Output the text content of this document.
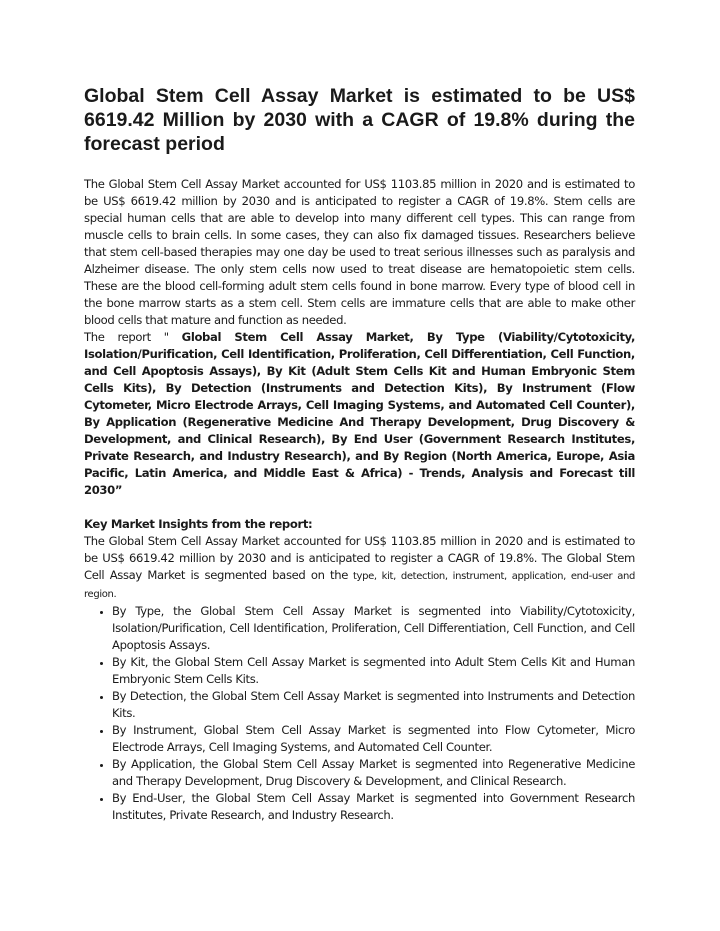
Global Stem Cell Assay Market is estimated to be US$ 6619.42 Million by 2030 with a CAGR of 19.8% during the forecast period

The Global Stem Cell Assay Market accounted for US$ 1103.85 million in 2020 and is estimated to be US$ 6619.42 million by 2030 and is anticipated to register a CAGR of 19.8%. Stem cells are special human cells that are able to develop into many different cell types. This can range from muscle cells to brain cells. In some cases, they can also fix damaged tissues. Researchers believe that stem cell-based therapies may one day be used to treat serious illnesses such as paralysis and Alzheimer disease. The only stem cells now used to treat disease are hematopoietic stem cells. These are the blood cell-forming adult stem cells found in bone marrow. Every type of blood cell in the bone marrow starts as a stem cell. Stem cells are immature cells that are able to make other blood cells that mature and function as needed.

The report " Global Stem Cell Assay Market, By Type (Viability/Cytotoxicity, Isolation/Purification, Cell Identification, Proliferation, Cell Differentiation, Cell Function, and Cell Apoptosis Assays), By Kit (Adult Stem Cells Kit and Human Embryonic Stem Cells Kits), By Detection (Instruments and Detection Kits), By Instrument (Flow Cytometer, Micro Electrode Arrays, Cell Imaging Systems, and Automated Cell Counter), By Application (Regenerative Medicine And Therapy Development, Drug Discovery & Development, and Clinical Research), By End User (Government Research Institutes, Private Research, and Industry Research), and By Region (North America, Europe, Asia Pacific, Latin America, and Middle East & Africa) - Trends, Analysis and Forecast till 2030”

Key Market Insights from the report:

The Global Stem Cell Assay Market accounted for US$ 1103.85 million in 2020 and is estimated to be US$ 6619.42 million by 2030 and is anticipated to register a CAGR of 19.8%. The Global Stem Cell Assay Market is segmented based on the type, kit, detection, instrument, application, end-user and region.

• By Type, the Global Stem Cell Assay Market is segmented into Viability/Cytotoxicity, Isolation/Purification, Cell Identification, Proliferation, Cell Differentiation, Cell Function, and Cell Apoptosis Assays.
• By Kit, the Global Stem Cell Assay Market is segmented into Adult Stem Cells Kit and Human Embryonic Stem Cells Kits.
• By Detection, the Global Stem Cell Assay Market is segmented into Instruments and Detection Kits.
• By Instrument, Global Stem Cell Assay Market is segmented into Flow Cytometer, Micro Electrode Arrays, Cell Imaging Systems, and Automated Cell Counter.
• By Application, the Global Stem Cell Assay Market is segmented into Regenerative Medicine and Therapy Development, Drug Discovery & Development, and Clinical Research.
• By End-User, the Global Stem Cell Assay Market is segmented into Government Research Institutes, Private Research, and Industry Research.
